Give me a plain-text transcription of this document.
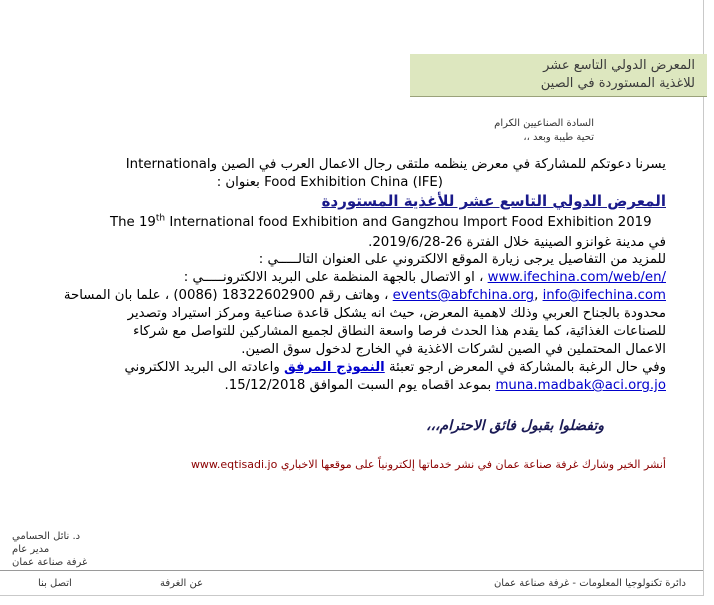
المعرض الدولي التاسع عشر
للاغذية المستوردة في الصين
السادة الصناعيين الكرام
تحية طيبة وبعد ،،
يسرنا دعوتكم للمشاركة في معرض ينظمه ملتقى رجال الاعمال العرب في الصين وInternational
Food Exhibition China (IFE) بعنوان :
المعرض الدولي التاسع عشر للأغذية المستوردة
The 19th International food Exhibition and Gangzhou Import Food Exhibition 2019
في مدينة غوانزو الصينية خلال الفترة 26-2019/6/28.
للمزيد من التفاصيل يرجى زيارة الموقع الالكتروني على العنوان التالـــــي :
www.ifechina.com/web/en/ ، او الاتصال بالجهة المنظمة على البريد الالكترونـــــي :
events@abfchina.org, info@ifechina.com ، وهاتف رقم 18322602900 (0086) ، علما بان المساحة
محدودة بالجناح العربي وذلك لاهمية المعرض، حيث انه يشكل قاعدة صناعية ومركز استيراد وتصدير
للصناعات الغذائية، كما يقدم هذا الحدث فرصا واسعة النطاق لجميع المشاركين للتواصل مع شركاء
الاعمال المحتملين في الصين لشركات الاغذية في الخارج لدخول سوق الصين.
وفي حال الرغبة بالمشاركة في المعرض ارجو تعبئة النموذج المرفق واعادته الى البريد الالكتروني
muna.madbak@aci.org.jo بموعد اقصاه يوم السبت الموافق 15/12/2018.
وتفضلوا بقبول فائق الاحترام،،،
أنشر الخير وشارك غرفة صناعة عمان في نشر خدماتها إلكترونياً على موقعها الاخباري www.eqtisadi.jo
د. نائل الحسامي
مدير عام
غرفة صناعة عمان
دائرة تكنولوجيا المعلومات - غرفة صناعة عمان
عن الغرفة
اتصل بنا
